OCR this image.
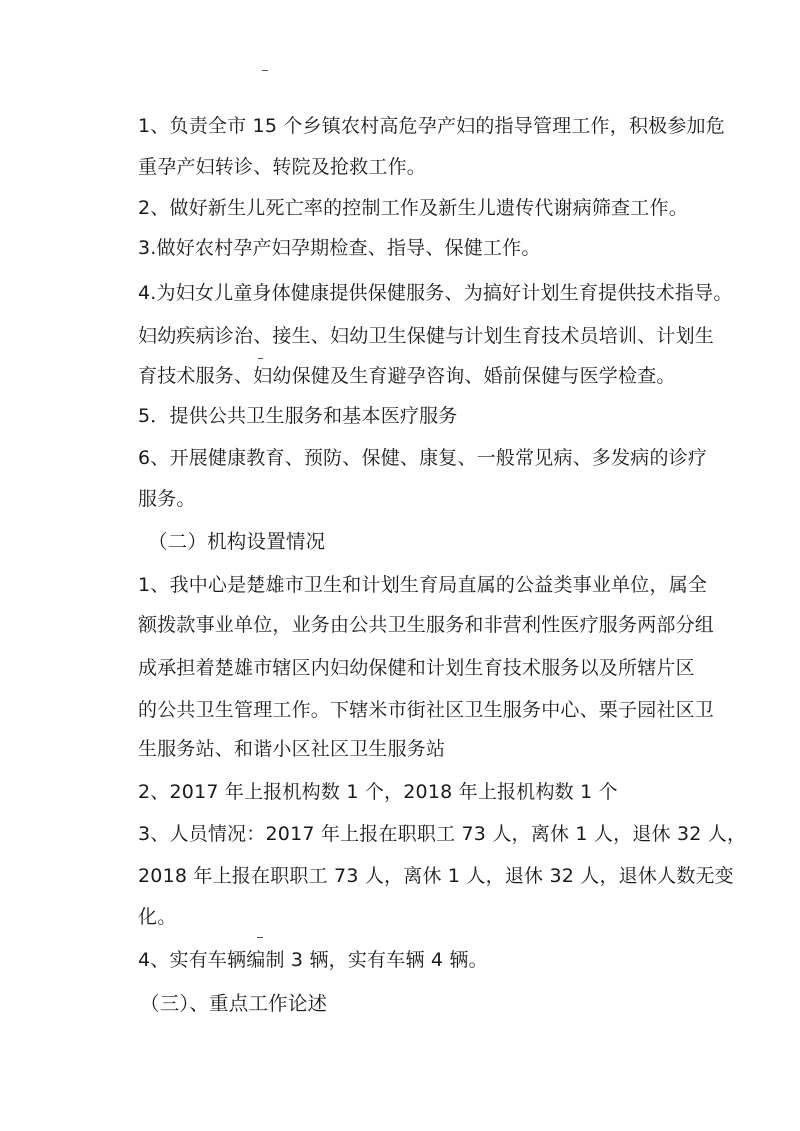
1、负责全市 15 个乡镇农村高危孕产妇的指导管理工作，积极参加危
重孕产妇转诊、转院及抢救工作。
2、做好新生儿死亡率的控制工作及新生儿遗传代谢病筛查工作。
3.做好农村孕产妇孕期检查、指导、保健工作。
4.为妇女儿童身体健康提供保健服务、为搞好计划生育提供技术指导。
妇幼疾病诊治、接生、妇幼卫生保健与计划生育技术员培训、计划生
育技术服务、妇幼保健及生育避孕咨询、婚前保健与医学检查。
5．提供公共卫生服务和基本医疗服务
6、开展健康教育、预防、保健、康复、一般常见病、多发病的诊疗
服务。
（二）机构设置情况
1、我中心是楚雄市卫生和计划生育局直属的公益类事业单位，属全
额拨款事业单位，业务由公共卫生服务和非营利性医疗服务两部分组
成承担着楚雄市辖区内妇幼保健和计划生育技术服务以及所辖片区
的公共卫生管理工作。下辖米市街社区卫生服务中心、栗子园社区卫
生服务站、和谐小区社区卫生服务站
2、2017 年上报机构数 1 个，2018 年上报机构数 1 个
3、人员情况：2017 年上报在职职工 73 人，离休 1 人，退休 32 人，
2018 年上报在职职工 73 人，离休 1 人，退休 32 人，退休人数无变
化。
4、实有车辆编制 3 辆，实有车辆 4 辆。
（三）、重点工作论述
